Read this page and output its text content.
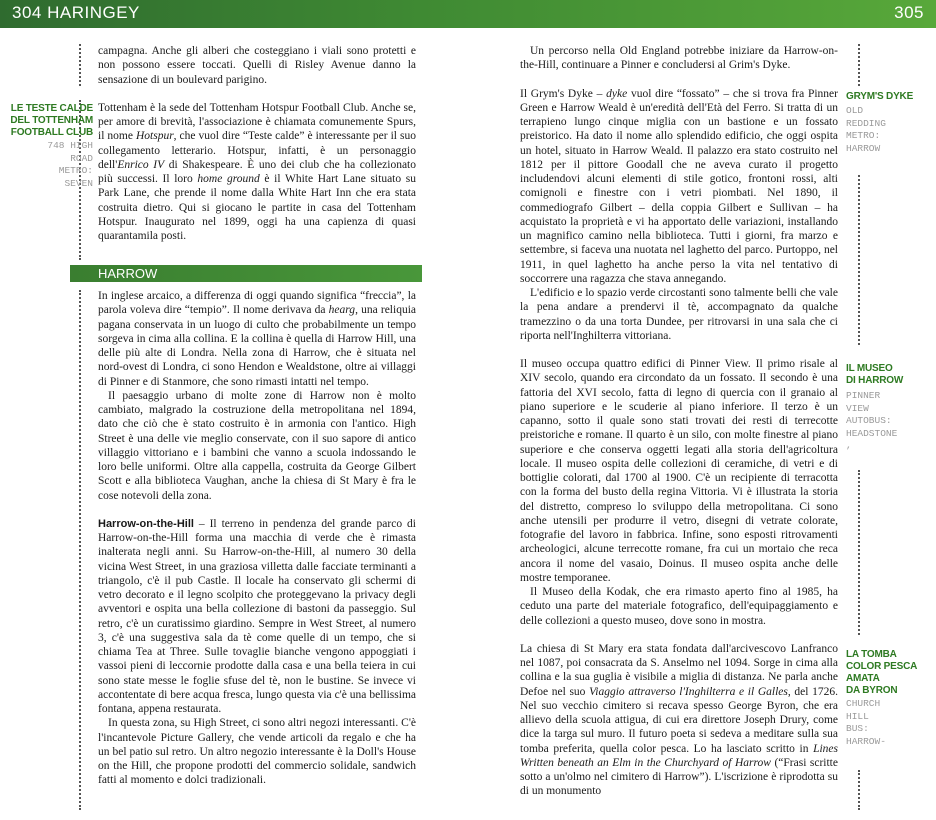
304 HARINGEY	305
LE TESTE CALDE
DEL TOTTENHAM
FOOTBALL CLUB
748 HIGH
ROAD
METRO:
SEVEN

campagna. Anche gli alberi che costeggiano i viali sono protetti e non possono essere toccati. Quelli di Risley Avenue danno la sensazione di un boulevard parigino.

Tottenham è la sede del Tottenham Hotspur Football Club. Anche se, per amore di brevità, l'associazione è chiamata comunemente Spurs, il nome Hotspur, che vuol dire “Teste calde” è interessante per il suo collegamento letterario. Hotspur, infatti, è un personaggio dell'Enrico IV di Shakespeare. È uno dei club che ha collezionato più successi. Il loro home ground è il White Hart Lane situato su Park Lane, che prende il nome dalla White Hart Inn che era stata costruita dietro. Qui si giocano le partite in casa del Tottenham Hotspur. Inaugurato nel 1899, oggi ha una capienza di quasi quarantamila posti.

HARROW

In inglese arcaico, a differenza di oggi quando significa “freccia”, la parola voleva dire “tempio”. Il nome derivava da hearg, una reliquia pagana conservata in un luogo di culto che probabilmente un tempo sorgeva in cima alla collina. E la collina è quella di Harrow Hill, una delle più alte di Londra. Nella zona di Harrow, che è situata nel nord-ovest di Londra, ci sono Hendon e Wealdstone, oltre ai villaggi di Pinner e di Stanmore, che sono rimasti intatti nel tempo.

Il paesaggio urbano di molte zone di Harrow non è molto cambiato, malgrado la costruzione della metropolitana nel 1894, dato che ciò che è stato costruito è in armonia con l'antico. High Street è una delle vie meglio conservate, con il suo sapore di antico villaggio vittoriano e i bambini che vanno a scuola indossando le loro belle uniformi. Oltre alla cappella, costruita da George Gilbert Scott e alla biblioteca Vaughan, anche la chiesa di St Mary è fra le cose notevoli della zona.

Harrow-on-the-Hill – Il terreno in pendenza del grande parco di Harrow-on-the-Hill forma una macchia di verde che è rimasta inalterata negli anni. Su Harrow-on-the-Hill, al numero 30 della vicina West Street, in una graziosa villetta dalle facciate terminanti a triangolo, c'è il pub Castle. Il locale ha conservato gli schermi di vetro decorato e il legno scolpito che proteggevano la privacy degli avventori e ospita una bella collezione di bastoni da passeggio. Sul retro, c'è un curatissimo giardino. Sempre in West Street, al numero 3, c'è una suggestiva sala da tè come quelle di un tempo, che si chiama Tea at Three. Sulle tovaglie bianche vengono appoggiati i vassoi pieni di leccornie prodotte dalla casa e una bella teiera in cui sono state messe le foglie sfuse del tè, non le bustine. Se invece vi accontentate di bere acqua fresca, lungo questa via c'è una bellissima fontana, appena restaurata.

In questa zona, su High Street, ci sono altri negozi interessanti. C'è l'incantevole Picture Gallery, che vende articoli da regalo e che ha un bel patio sul retro. Un altro negozio interessante è la Doll's House on the Hill, che propone prodotti del commercio solidale, sandwich fatti al momento e dolci tradizionali.

Un percorso nella Old England potrebbe iniziare da Harrow-on-the-Hill, continuare a Pinner e concludersi al Grim's Dyke.

Il Grym's Dyke – dyke vuol dire “fossato” – che si trova fra Pinner Green e Harrow Weald è un'eredità dell'Età del Ferro. Si tratta di un terrapieno lungo cinque miglia con un bastione e un fossato preistorico. Ha dato il nome allo splendido edificio, che oggi ospita un hotel, situato in Harrow Weald. Il palazzo era stato costruito nel 1812 per il pittore Goodall che ne aveva curato il progetto includendovi alcuni elementi di stile gotico, frontoni rossi, alti comignoli e finestre con i vetri piombati. Nel 1890, il commediografo Gilbert – della coppia Gilbert e Sullivan – ha acquistato la proprietà e vi ha apportato delle variazioni, installando un magnifico camino nella biblioteca. Tutti i giorni, fra marzo e settembre, si faceva una nuotata nel laghetto del parco. Purtoppo, nel 1911, in quel laghetto ha anche perso la vita nel tentativo di soccorrere una ragazza che stava annegando.

L'edificio e lo spazio verde circostanti sono talmente belli che vale la pena andare a prendervi il tè, accompagnato da qualche tramezzino o da una torta Dundee, per ritrovarsi in una sala che ci riporta nell'Inghilterra vittoriana.

Il museo occupa quattro edifici di Pinner View. Il primo risale al XIV secolo, quando era circondato da un fossato. Il secondo è una fattoria del XVI secolo, fatta di legno di quercia con il granaio al piano superiore e le scuderie al piano inferiore. Il terzo è un capanno, sotto il quale sono stati trovati dei resti di terrecotte preistoriche e romane. Il quarto è un silo, con molte finestre al piano superiore e che conserva oggetti legati alla storia dell'agricoltura locale. Il museo ospita delle collezioni di ceramiche, di vetri e di bottiglie colorati, dal 1700 al 1900. C'è un recipiente di terracotta con la forma del busto della regina Vittoria. Vi è illustrata la storia del distretto, compreso lo sviluppo della metropolitana. Ci sono anche utensili per produrre il vetro, disegni di vetrate colorate, fotografie del lavoro in fabbrica. Infine, sono esposti ritrovamenti archeologici, alcune terrecotte romane, fra cui un mortaio che reca ancora il nome del vasaio, Doinus. Il museo ospita anche delle mostre temporanee.

Il Museo della Kodak, che era rimasto aperto fino al 1985, ha ceduto una parte del materiale fotografico, dell'equipaggiamento e delle collezioni a questo museo, dove sono in mostra.

La chiesa di St Mary era stata fondata dall'arcivescovo Lanfranco nel 1087, poi consacrata da S. Anselmo nel 1094. Sorge in cima alla collina e la sua guglia è visibile a miglia di distanza. Ne parla anche Defoe nel suo Viaggio attraverso l'Inghilterra e il Galles, del 1726. Nel suo vecchio cimitero si recava spesso George Byron, che era allievo della scuola attigua, di cui era direttore Joseph Drury, come dice la targa sul muro. Il futuro poeta si sedeva a meditare sulla sua tomba preferita, quella color pesca. Lo ha lasciato scritto in Lines Written beneath an Elm in the Churchyard of Harrow (“Frasi scritte sotto a un'olmo nel cimitero di Harrow”). L'iscrizione è riprodotta su di un monumento

GRYM'S DYKE
OLD
REDDING
METRO:
HARROW
IL MUSEO
DI HARROW
PINNER
VIEW
AUTOBUS:
HEADSTONE
,
LA TOMBA
COLOR PESCA
AMATA
DA BYRON
CHURCH
HILL
BUS:
HARROW-
